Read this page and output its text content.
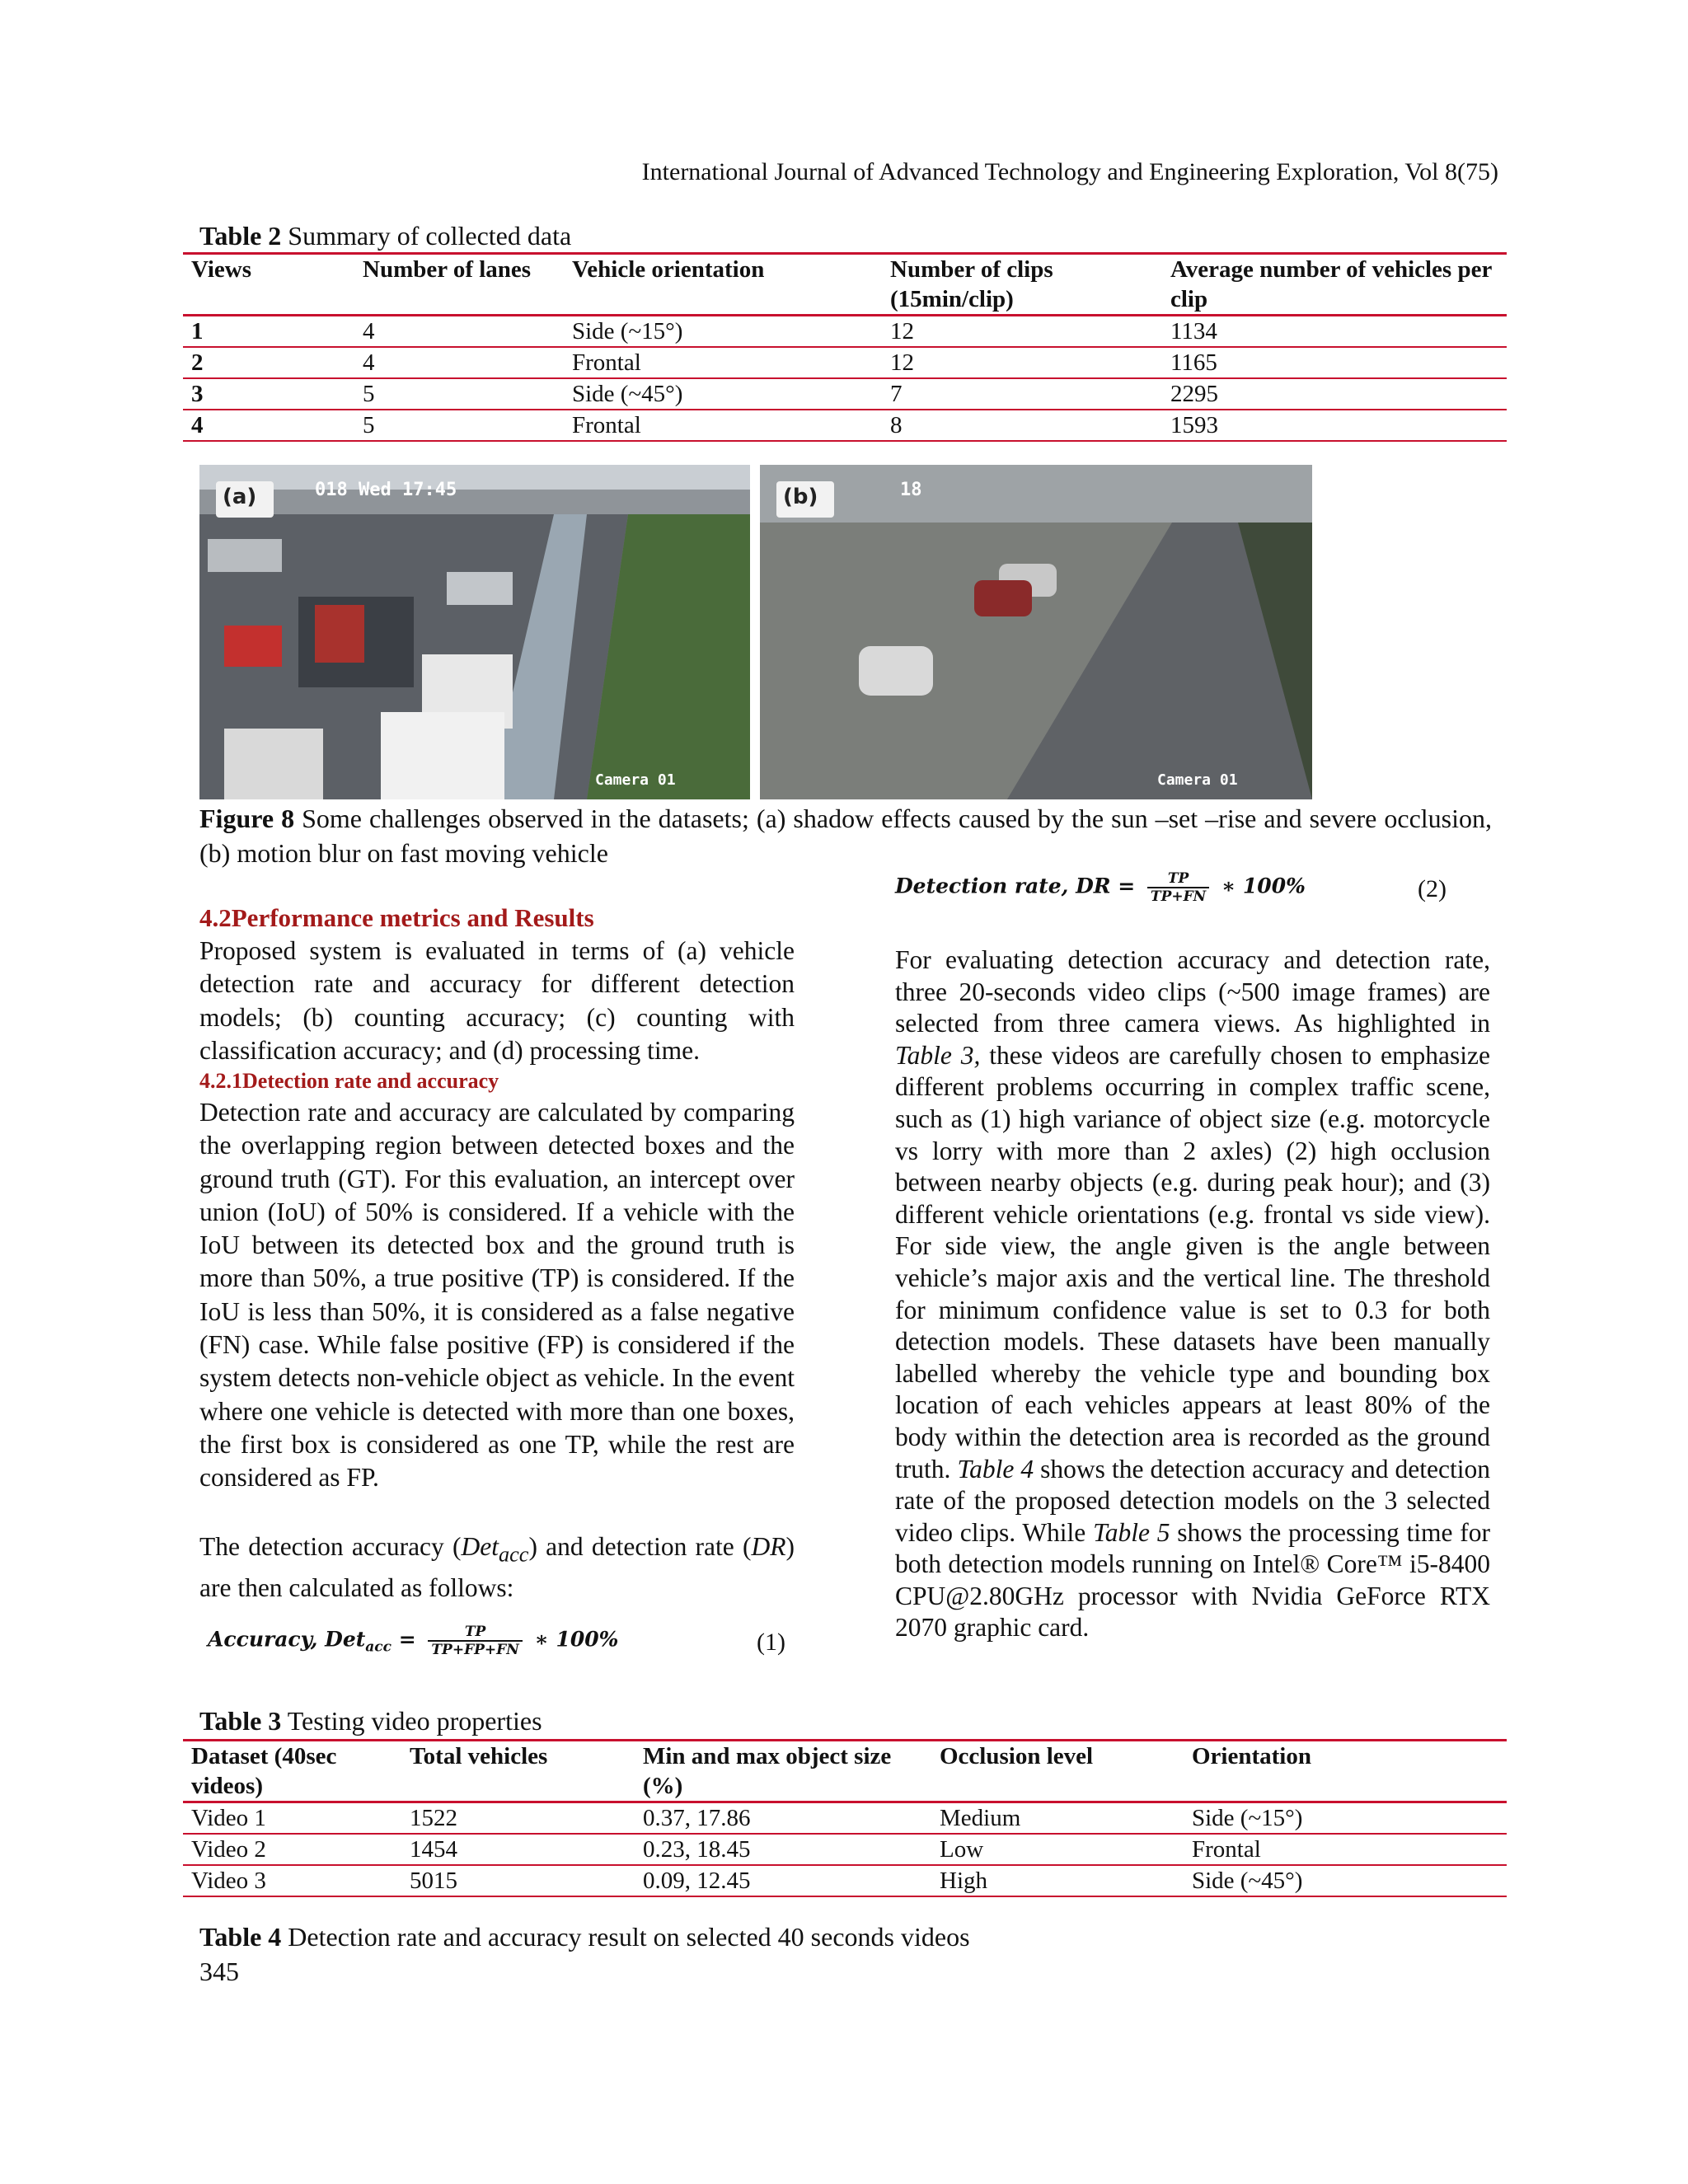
International Journal of Advanced Technology and Engineering Exploration, Vol 8(75)
Table 2 Summary of collected data
Views	Number of lanes	Vehicle orientation	Number of clips (15min/clip)	Average number of vehicles per clip
1	4	Side (~15°)	12	1134
2	4	Frontal	12	1165
3	5	Side (~45°)	7	2295
4	5	Frontal	8	1593
(a)	018 Wed 17:45
Camera 01
(b)	18
Camera 01
Figure 8 Some challenges observed in the datasets; (a) shadow effects caused by the sun –set –rise and severe occlusion, (b) motion blur on fast moving vehicle
4.2Performance metrics and Results
Proposed system is evaluated in terms of (a) vehicle detection rate and accuracy for different detection models; (b) counting accuracy; (c) counting with classification accuracy; and (d) processing time.
4.2.1Detection rate and accuracy
Detection rate and accuracy are calculated by comparing the overlapping region between detected boxes and the ground truth (GT). For this evaluation, an intercept over union (IoU) of 50% is considered. If a vehicle with the IoU between its detected box and the ground truth is more than 50%, a true positive (TP) is considered. If the IoU is less than 50%, it is considered as a false negative (FN) case. While false positive (FP) is considered if the system detects non-vehicle object as vehicle. In the event where one vehicle is detected with more than one boxes, the first box is considered as one TP, while the rest are considered as FP.
The detection accuracy (Det$_{acc}$) and detection rate (DR) are then calculated as follows:
Accuracy, $Det_{acc} = \frac{TP}{TP+FP+FN}$ ∗ 100%	(1)
Detection rate, DR = $\frac{TP}{TP+FN}$ ∗ 100%	(2)
For evaluating detection accuracy and detection rate, three 20-seconds video clips (~500 image frames) are selected from three camera views. As highlighted in Table 3, these videos are carefully chosen to emphasize different problems occurring in complex traffic scene, such as (1) high variance of object size (e.g. motorcycle vs lorry with more than 2 axles) (2) high occlusion between nearby objects (e.g. during peak hour); and (3) different vehicle orientations (e.g. frontal vs side view). For side view, the angle given is the angle between vehicle’s major axis and the vertical line. The threshold for minimum confidence value is set to 0.3 for both detection models. These datasets have been manually labelled whereby the vehicle type and bounding box location of each vehicles appears at least 80% of the body within the detection area is recorded as the ground truth. Table 4 shows the detection accuracy and detection rate of the proposed detection models on the 3 selected video clips. While Table 5 shows the processing time for both detection models running on Intel® Core™ i5-8400 CPU@2.80GHz processor with Nvidia GeForce RTX 2070 graphic card.
Table 3 Testing video properties
Dataset (40sec videos)	Total vehicles	Min and max object size (%)	Occlusion level	Orientation
Video 1	1522	0.37, 17.86	Medium	Side (~15°)
Video 2	1454	0.23, 18.45	Low	Frontal
Video 3	5015	0.09, 12.45	High	Side (~45°)
Table 4 Detection rate and accuracy result on selected 40 seconds videos
345
